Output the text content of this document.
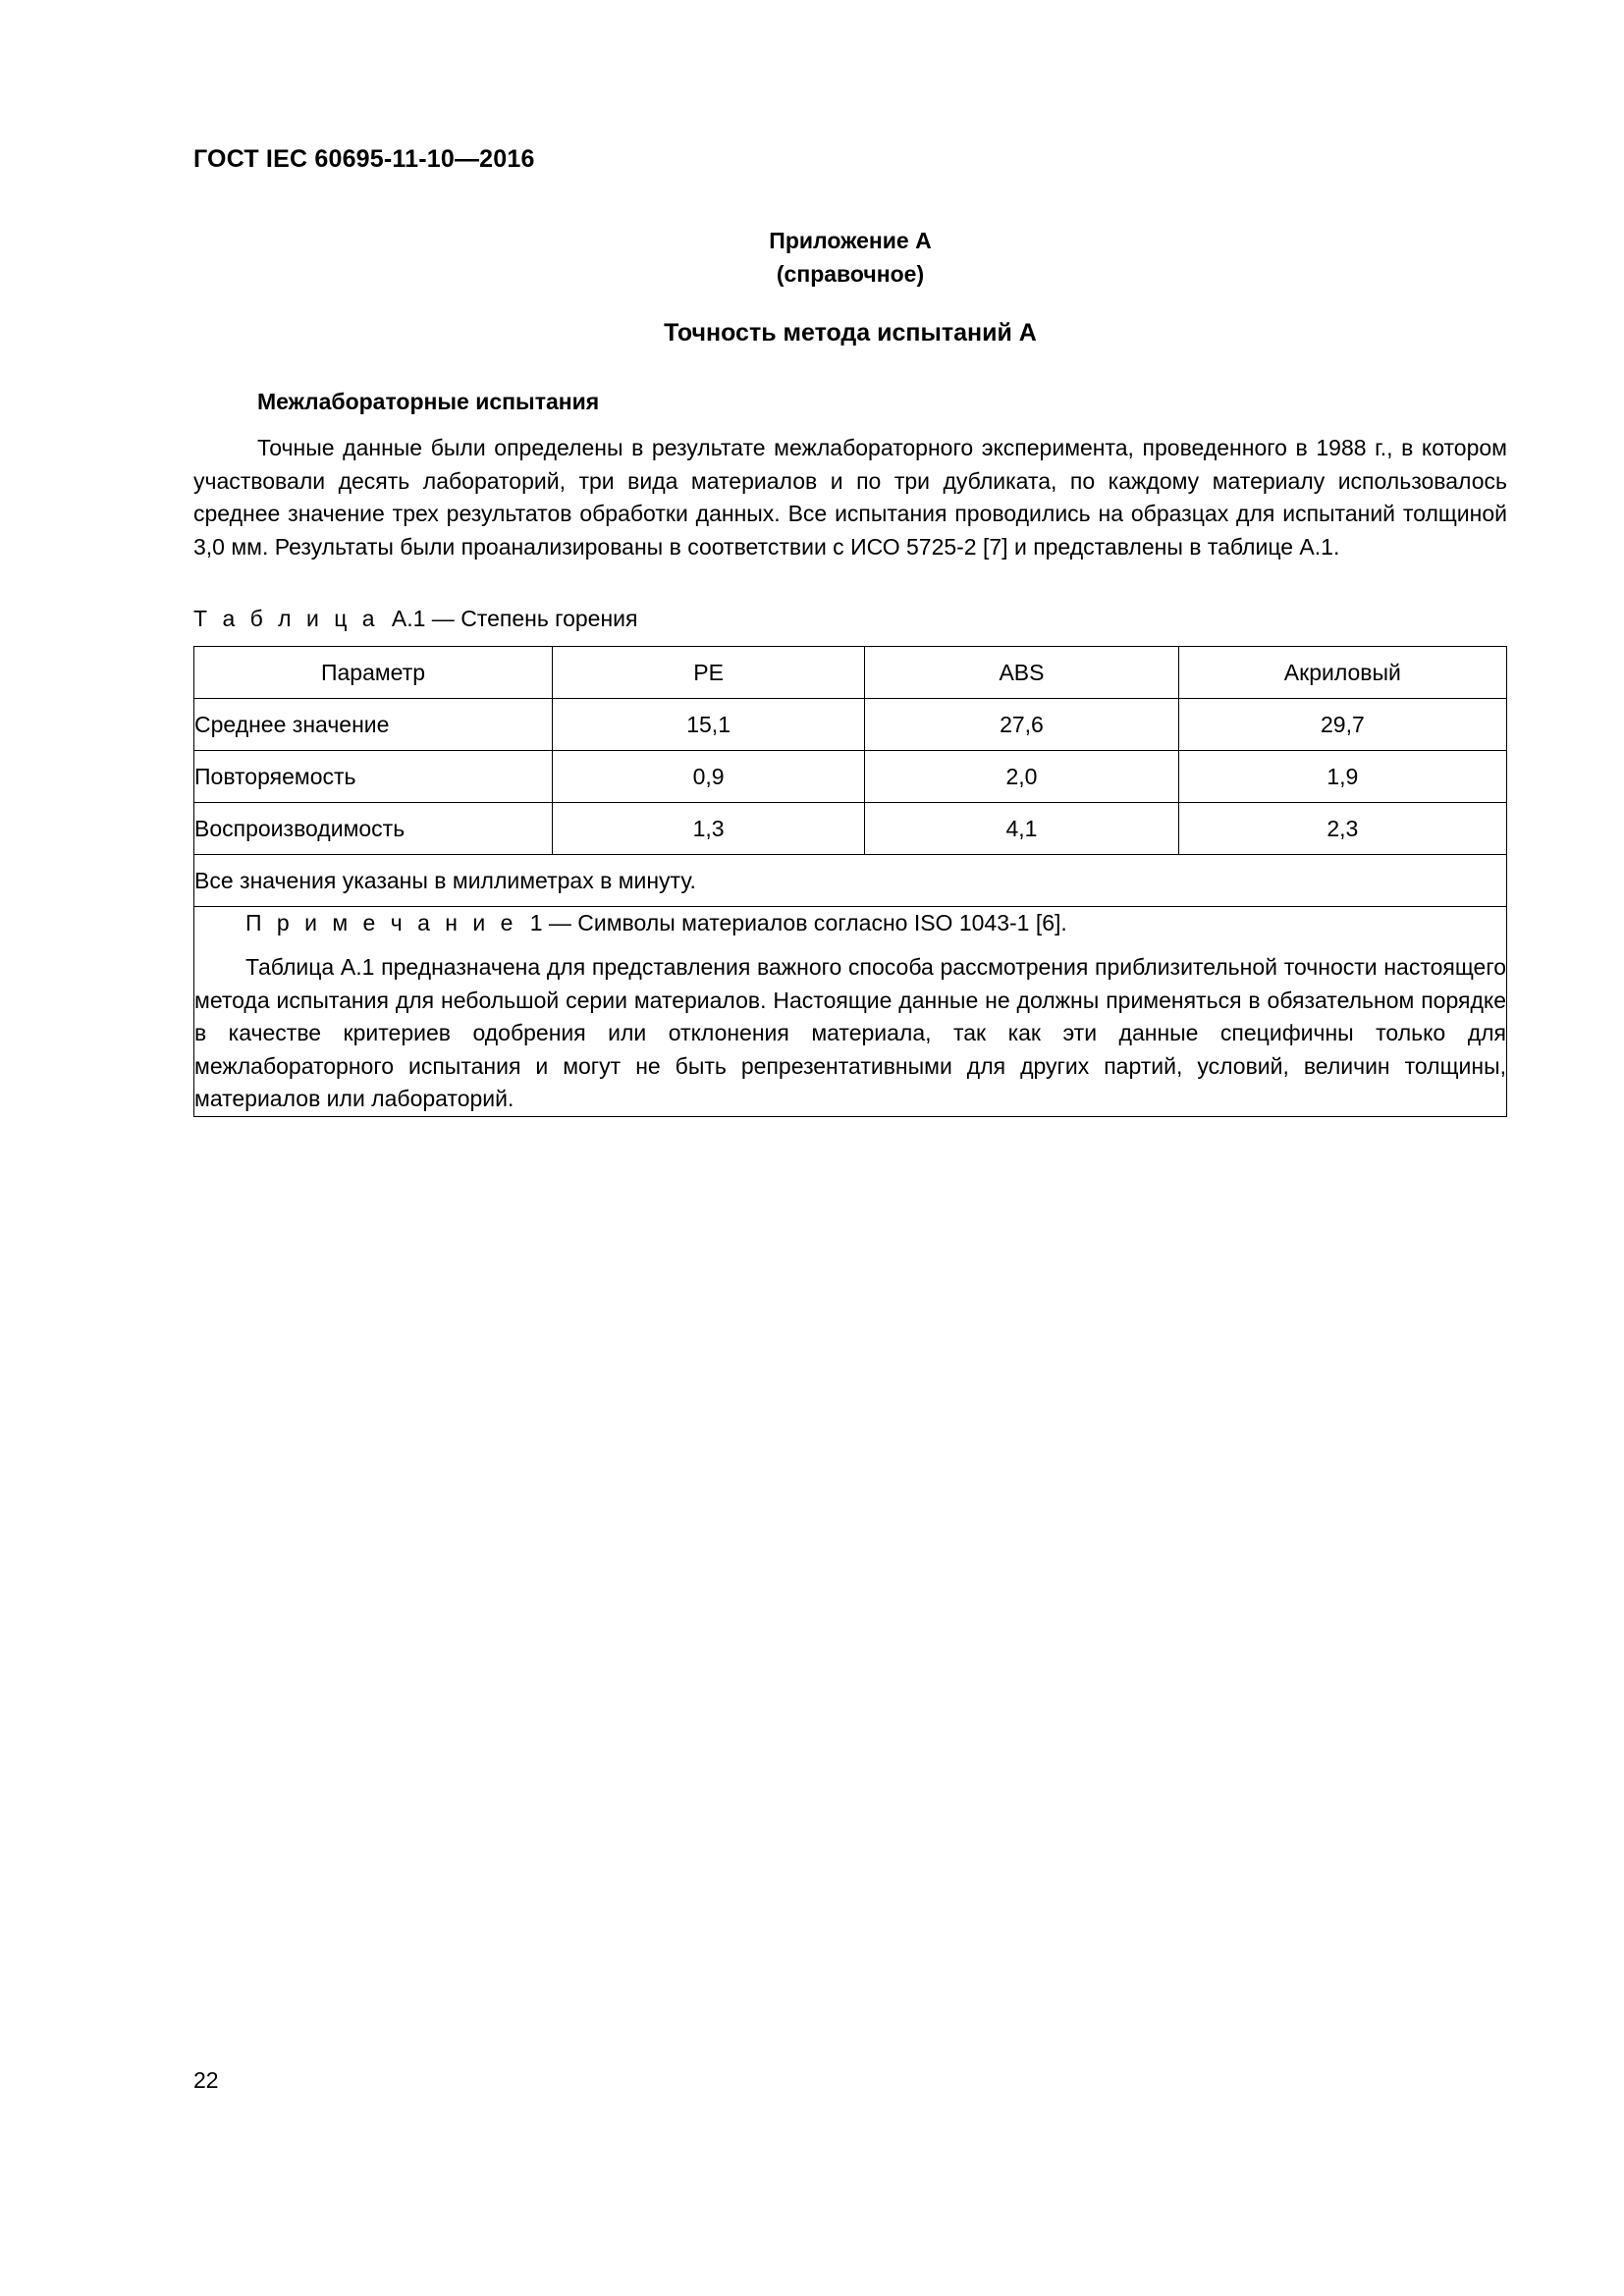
ГОСТ IEC 60695-11-10—2016
Приложение А
(справочное)
Точность метода испытаний А
Межлабораторные испытания
Точные данные были определены в результате межлабораторного эксперимента, проведенного в 1988 г., в котором участвовали десять лабораторий, три вида материалов и по три дубликата, по каждому материалу использовалось среднее значение трех результатов обработки данных. Все испытания проводились на образцах для испытаний толщиной 3,0 мм. Результаты были проанализированы в соответствии с ИСО 5725-2 [7] и представлены в таблице А.1.
Т а б л и ц а А.1 — Степень горения
Параметр	PE	ABS	Акриловый
Среднее значение	15,1	27,6	29,7
Повторяемость	0,9	2,0	1,9
Воспроизводимость	1,3	4,1	2,3
Все значения указаны в миллиметрах в минуту.			

П р и м е ч а н и е 1 — Символы материалов согласно ISO 1043-1 [6].

Таблица А.1 предназначена для представления важного способа рассмотрения приблизительной точности настоящего метода испытания для небольшой серии материалов. Настоящие данные не должны применяться в обязательном порядке в качестве критериев одобрения или отклонения материала, так как эти данные специфичны только для межлабораторного испытания и могут не быть репрезентативными для других партий, условий, величин толщины, материалов или лабораторий.			

22
